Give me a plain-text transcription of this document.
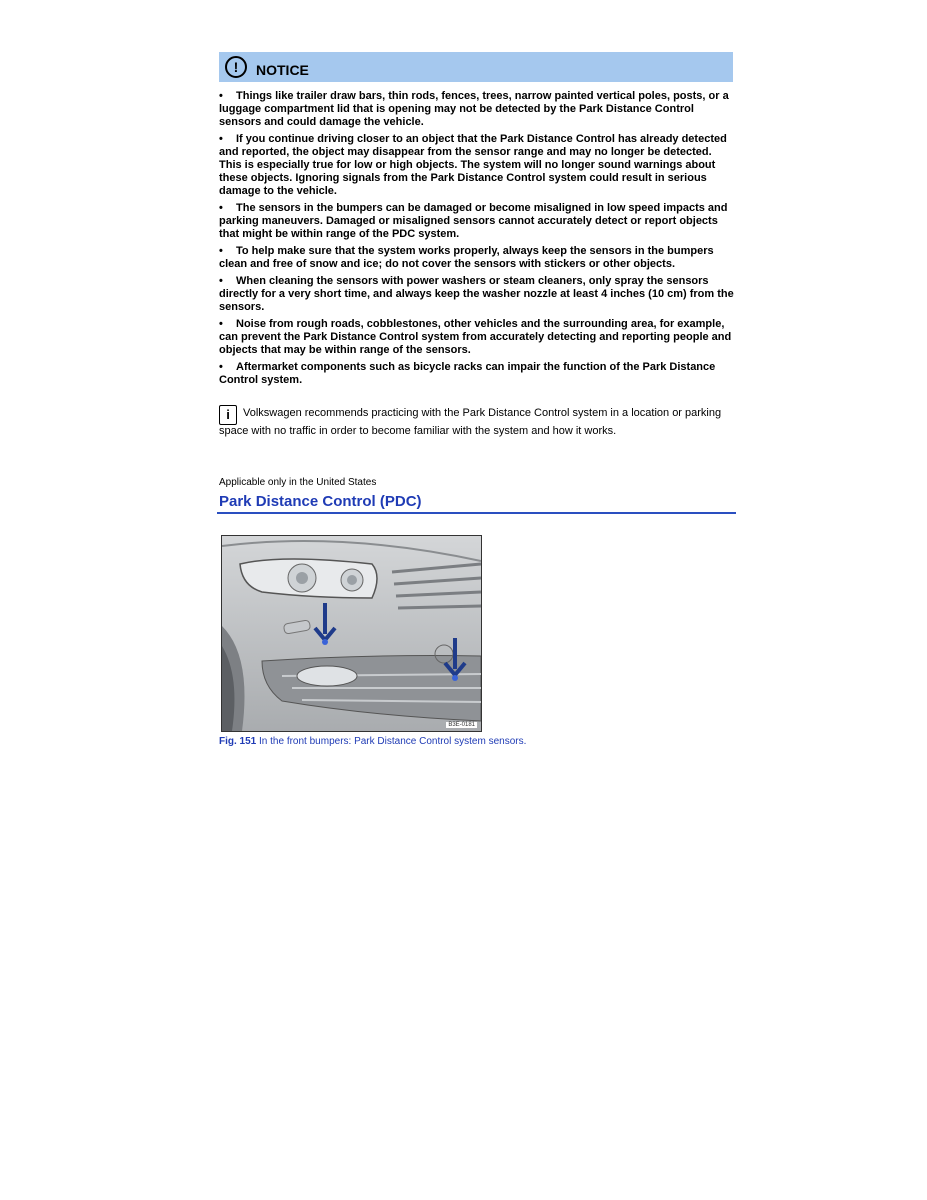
!	NOTICE
• Things like trailer draw bars, thin rods, fences, trees, narrow painted vertical poles, posts, or a luggage compartment lid that is opening may not be detected by the Park Distance Control sensors and could damage the vehicle.
• If you continue driving closer to an object that the Park Distance Control has already detected and reported, the object may disappear from the sensor range and may no longer be detected. This is especially true for low or high objects. The system will no longer sound warnings about these objects. Ignoring signals from the Park Distance Control system could result in serious damage to the vehicle.
• The sensors in the bumpers can be damaged or become misaligned in low speed impacts and parking maneuvers. Damaged or misaligned sensors cannot accurately detect or report objects that might be within range of the PDC system.
• To help make sure that the system works properly, always keep the sensors in the bumpers clean and free of snow and ice; do not cover the sensors with stickers or other objects.
• When cleaning the sensors with power washers or steam cleaners, only spray the sensors directly for a very short time, and always keep the washer nozzle at least 4 inches (10 cm) from the sensors.
• Noise from rough roads, cobblestones, other vehicles and the surrounding area, for example, can prevent the Park Distance Control system from accurately detecting and reporting people and objects that may be within range of the sensors.
• Aftermarket components such as bicycle racks can impair the function of the Park Distance Control system.
i Volkswagen recommends practicing with the Park Distance Control system in a location or parking space with no traffic in order to become familiar with the system and how it works.
Applicable only in the United States
Park Distance Control (PDC)
B3E-0181
Fig. 151 In the front bumpers: Park Distance Control system sensors.
